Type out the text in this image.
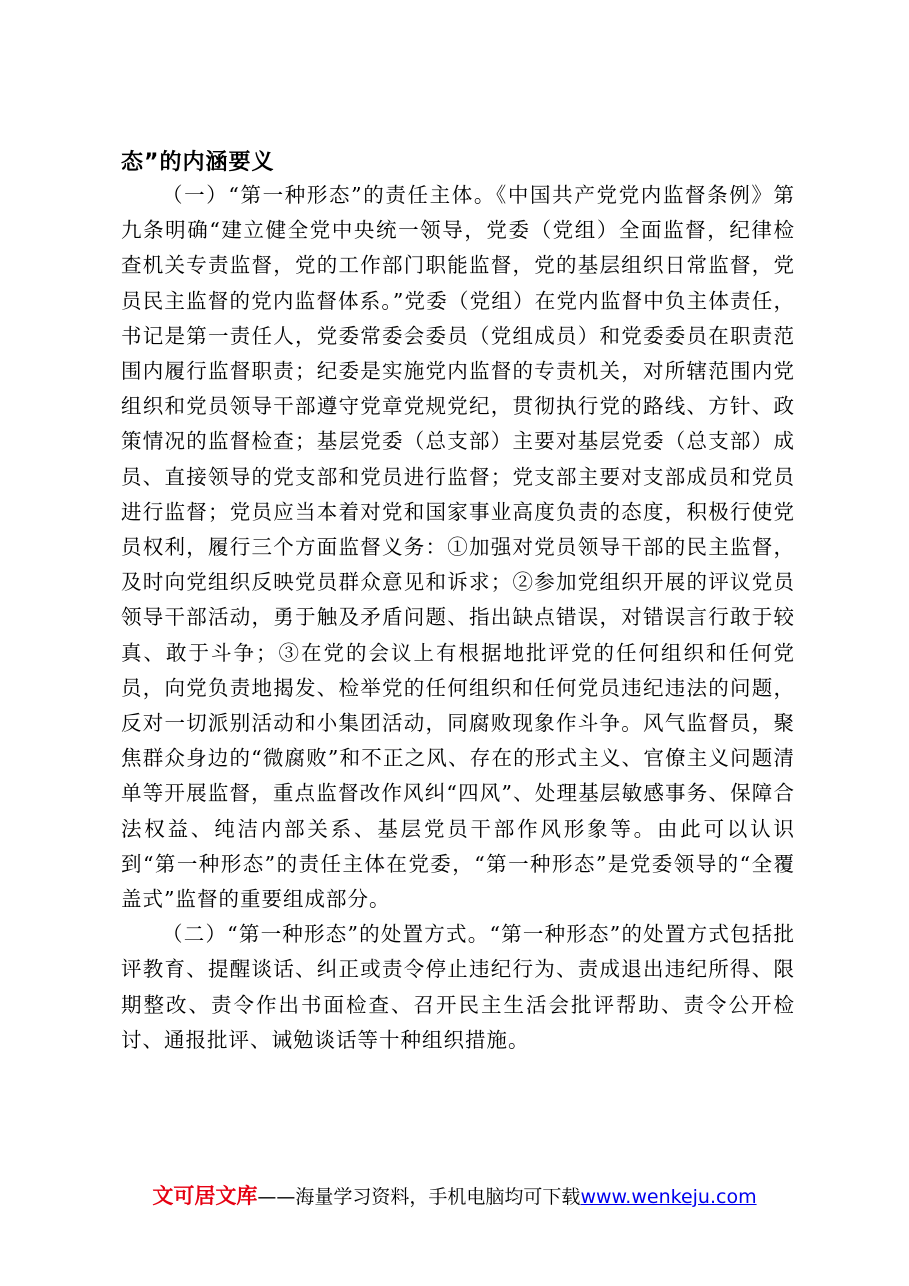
态”的内涵要义

（一）“第一种形态”的责任主体。《中国共产党党内监督条例》第九条明确“建立健全党中央统一领导，党委（党组）全面监督，纪律检查机关专责监督，党的工作部门职能监督，党的基层组织日常监督，党员民主监督的党内监督体系。”党委（党组）在党内监督中负主体责任，书记是第一责任人，党委常委会委员（党组成员）和党委委员在职责范围内履行监督职责；纪委是实施党内监督的专责机关，对所辖范围内党组织和党员领导干部遵守党章党规党纪，贯彻执行党的路线、方针、政策情况的监督检查；基层党委（总支部）主要对基层党委（总支部）成员、直接领导的党支部和党员进行监督；党支部主要对支部成员和党员进行监督；党员应当本着对党和国家事业高度负责的态度，积极行使党员权利，履行三个方面监督义务：①加强对党员领导干部的民主监督，及时向党组织反映党员群众意见和诉求；②参加党组织开展的评议党员领导干部活动，勇于触及矛盾问题、指出缺点错误，对错误言行敢于较真、敢于斗争；③在党的会议上有根据地批评党的任何组织和任何党员，向党负责地揭发、检举党的任何组织和任何党员违纪违法的问题，反对一切派别活动和小集团活动，同腐败现象作斗争。风气监督员，聚焦群众身边的“微腐败”和不正之风、存在的形式主义、官僚主义问题清单等开展监督，重点监督改作风纠“四风”、处理基层敏感事务、保障合法权益、纯洁内部关系、基层党员干部作风形象等。由此可以认识到“第一种形态”的责任主体在党委，“第一种形态”是党委领导的“全覆盖式”监督的重要组成部分。

（二）“第一种形态”的处置方式。“第一种形态”的处置方式包括批评教育、提醒谈话、纠正或责令停止违纪行为、责成退出违纪所得、限期整改、责令作出书面检查、召开民主生活会批评帮助、责令公开检讨、通报批评、诫勉谈话等十种组织措施。

文可居文库——海量学习资料，手机电脑均可下载www.wenkeju.com
